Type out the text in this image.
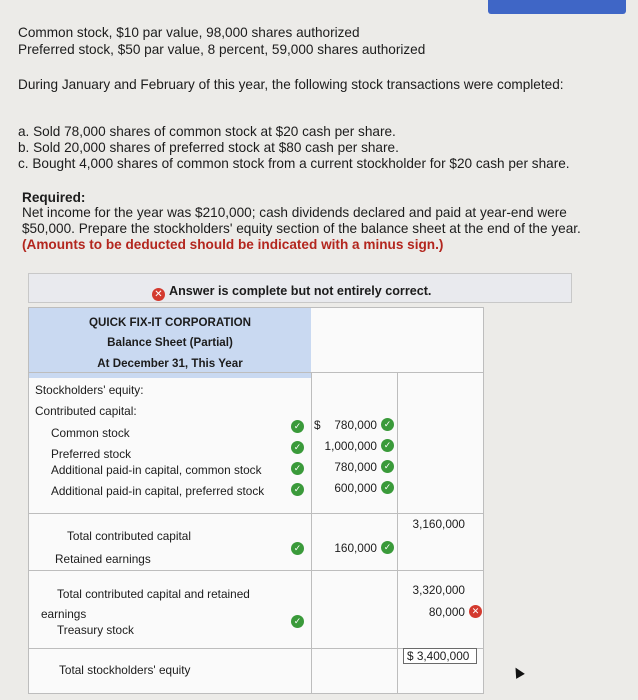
Common stock, $10 par value, 98,000 shares authorized
Preferred stock, $50 par value, 8 percent, 59,000 shares authorized
During January and February of this year, the following stock transactions were completed:
a. Sold 78,000 shares of common stock at $20 cash per share.
b. Sold 20,000 shares of preferred stock at $80 cash per share.
c. Bought 4,000 shares of common stock from a current stockholder for $20 cash per share.
Required:
Net income for the year was $210,000; cash dividends declared and paid at year-end were
$50,000. Prepare the stockholders' equity section of the balance sheet at the end of the year.
(Amounts to be deducted should be indicated with a minus sign.)
✕ Answer is complete but not entirely correct.
QUICK FIX-IT CORPORATION
Balance Sheet (Partial)
At December 31, This Year
Stockholders' equity:
Contributed capital:
Common stock
Preferred stock
Additional paid-in capital, common stock
Additional paid-in capital, preferred stock
Total contributed capital
Retained earnings
Total contributed capital and retained
earnings
Treasury stock
Total stockholders' equity
✓
✓
✓
✓
✓
✓
$	780,000
1,000,000
780,000
600,000
160,000
✓
✓
✓
✓
✓
3,160,000
3,320,000
80,000 ✕
$ 3,400,000
